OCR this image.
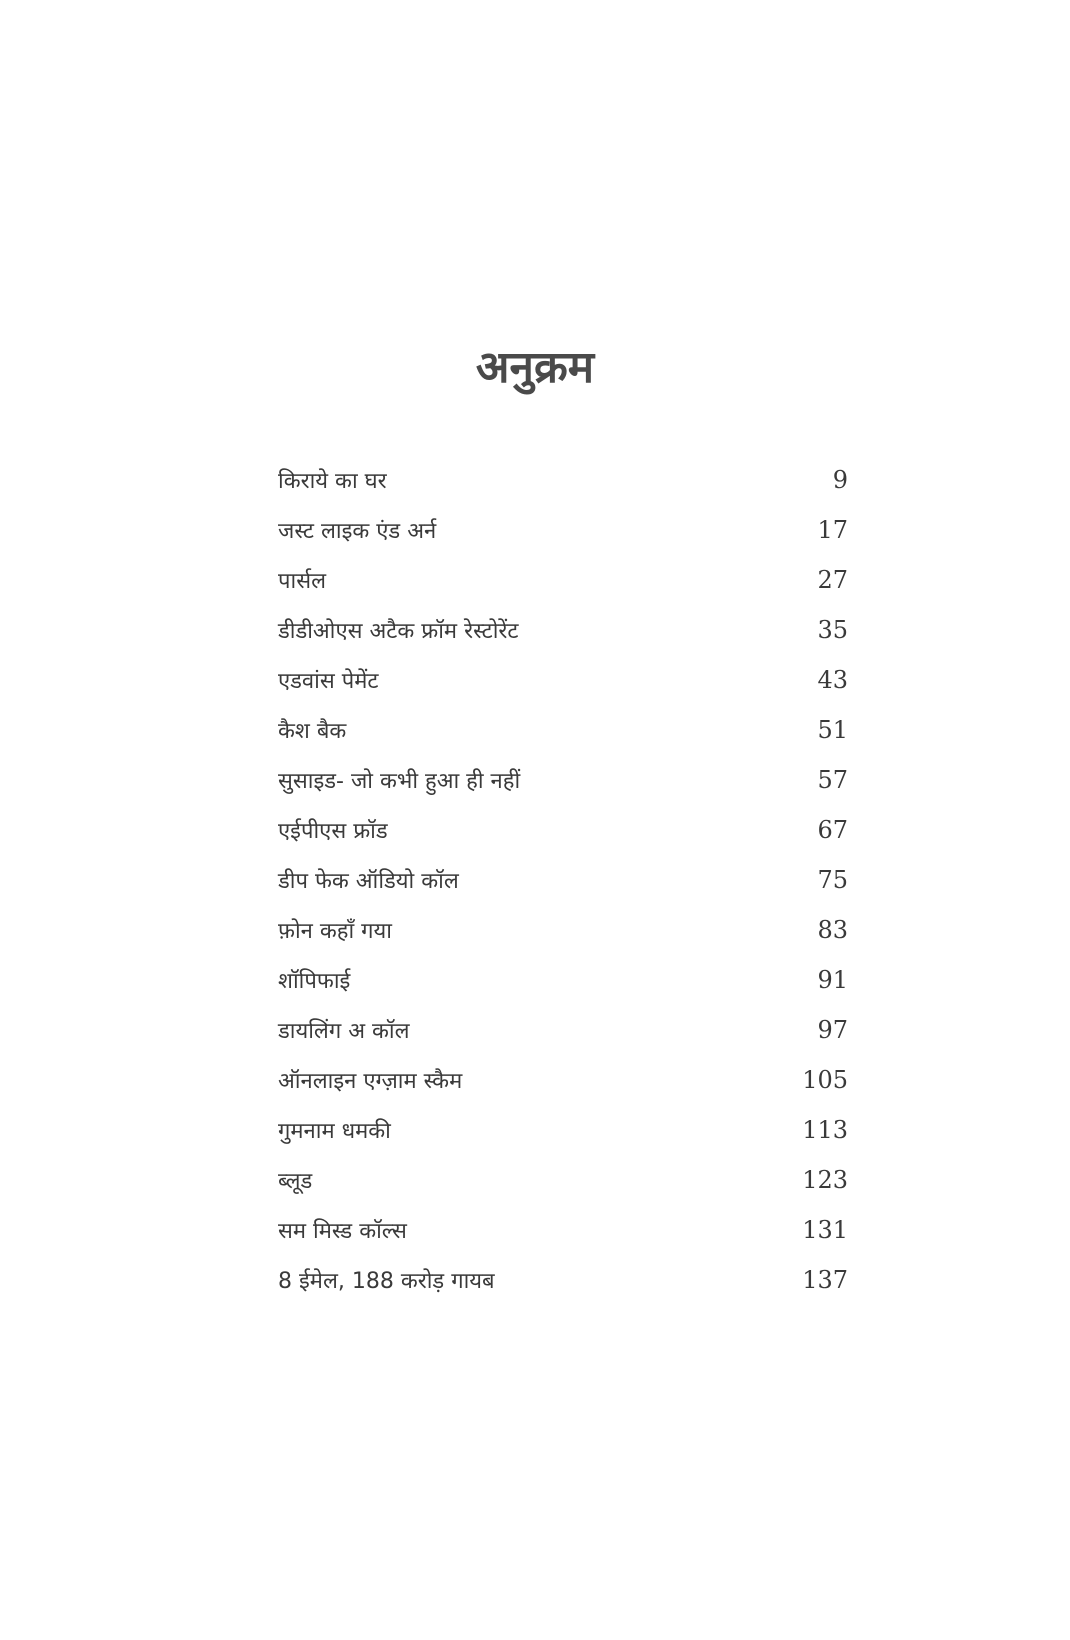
अनुक्रम
किराये का घर	9
जस्ट लाइक एंड अर्न	17
पार्सल	27
डीडीओएस अटैक फ्रॉम रेस्टोरेंट	35
एडवांस पेमेंट	43
कैश बैक	51
सुसाइड- जो कभी हुआ ही नहीं	57
एईपीएस फ्रॉड	67
डीप फेक ऑडियो कॉल	75
फ़ोन कहाँ गया	83
शॉपिफाई	91
डायलिंग अ कॉल	97
ऑनलाइन एग्ज़ाम स्कैम	105
गुमनाम धमकी	113
ब्लूड	123
सम मिस्ड कॉल्स	131
8 ईमेल, 188 करोड़ गायब	137
